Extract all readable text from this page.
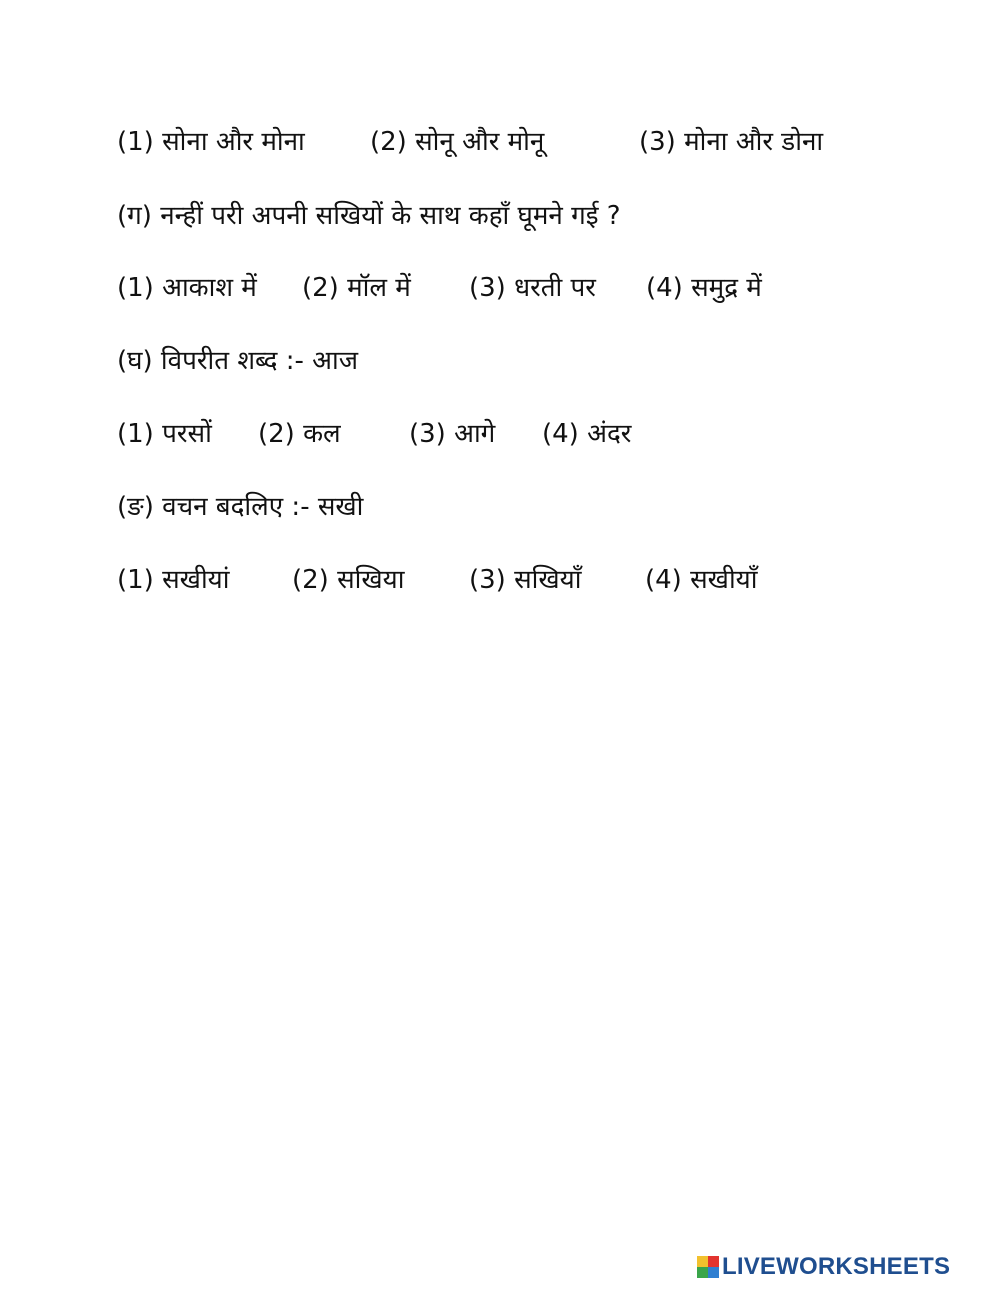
(1) सोना और मोना	(2) सोनू और मोनू	(3) मोना और डोना
(ग) नन्हीं परी अपनी सखियों के साथ कहाँ घूमने गई ?
(1) आकाश में (2) मॉल में (3) धरती पर (4) समुद्र में
(घ) विपरीत शब्द :- आज
(1) परसों (2) कल	(3) आगे (4) अंदर
(ङ) वचन बदलिए :- सखी
(1) सखीयां (2) सखिया (3) सखियाँ (4) सखीयाँ
LIVEWORKSHEETS
